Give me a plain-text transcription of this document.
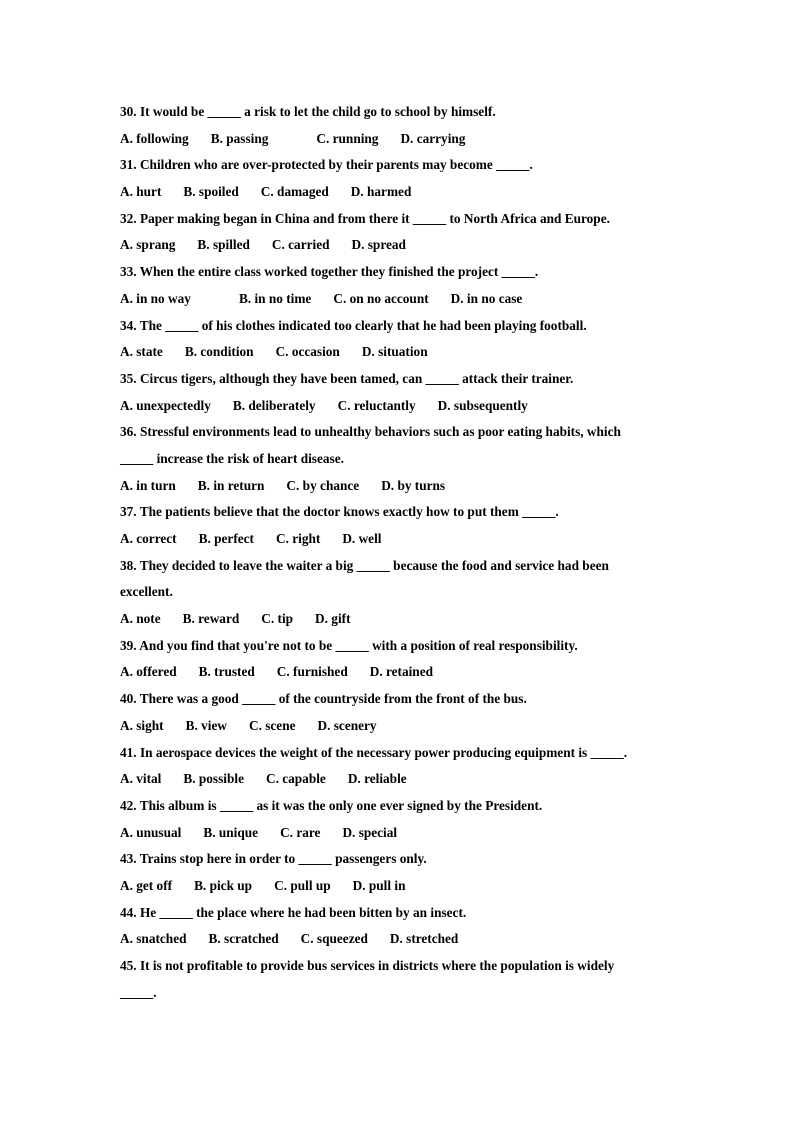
30. It would be _____ a risk to let the child go to school by himself.
A. following B. passing	C. running D. carrying
31. Children who are over-protected by their parents may become _____.
A. hurt B. spoiled C. damaged D. harmed
32. Paper making began in China and from there it _____ to North Africa and Europe.
A. sprang B. spilled C. carried D. spread
33. When the entire class worked together they finished the project _____.
A. in no way	B. in no time C. on no account D. in no case
34. The _____ of his clothes indicated too clearly that he had been playing football.
A. state B. condition C. occasion D. situation
35. Circus tigers, although they have been tamed, can _____ attack their trainer.
A. unexpectedly B. deliberately C. reluctantly D. subsequently
36. Stressful environments lead to unhealthy behaviors such as poor eating habits, which
_____ increase the risk of heart disease.
A. in turn B. in return C. by chance D. by turns
37. The patients believe that the doctor knows exactly how to put them _____.
A. correct B. perfect C. right D. well
38. They decided to leave the waiter a big _____ because the food and service had been
excellent.
A. note B. reward C. tip D. gift
39. And you find that you're not to be _____ with a position of real responsibility.
A. offered B. trusted C. furnished D. retained
40. There was a good _____ of the countryside from the front of the bus.
A. sight B. view C. scene D. scenery
41. In aerospace devices the weight of the necessary power producing equipment is _____.
A. vital B. possible C. capable D. reliable
42. This album is _____ as it was the only one ever signed by the President.
A. unusual B. unique C. rare D. special
43. Trains stop here in order to _____ passengers only.
A. get off B. pick up C. pull up D. pull in
44. He _____ the place where he had been bitten by an insect.
A. snatched B. scratched C. squeezed D. stretched
45. It is not profitable to provide bus services in districts where the population is widely
_____.
